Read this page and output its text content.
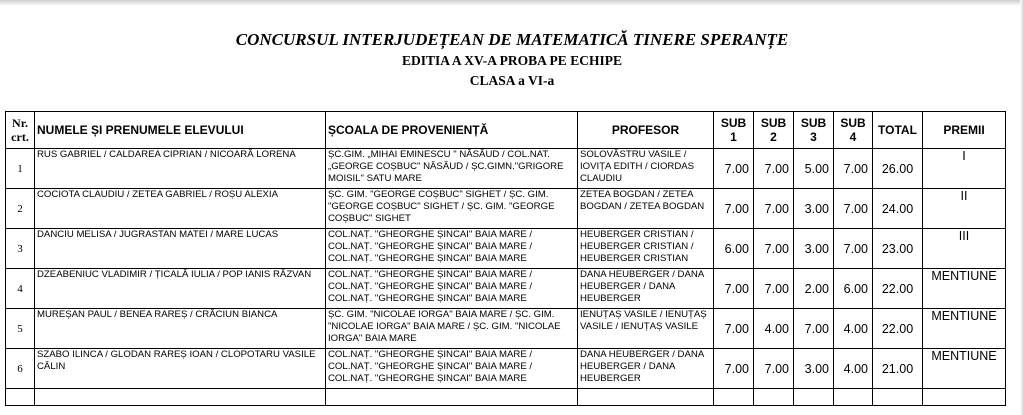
CONCURSUL INTERJUDEȚEAN DE MATEMATICĂ TINERE SPERANȚE
EDITIA A XV-A PROBA PE ECHIPE
CLASA a VI-a
Nr. crt.	NUMELE ȘI PRENUMELE ELEVULUI	ȘCOALA DE PROVENIENȚĂ	PROFESOR	SUB 1	SUB 2	SUB 3	SUB 4	TOTAL	PREMII
1	RUS GABRIEL / CALDAREA CIPRIAN / NICOARĂ LORENA	ȘC.GIM. „MIHAI EMINESCU " NĂSĂUD / COL.NAT.„GEORGE COȘBUC" NĂSĂUD / ȘC.GIMN."GRIGORE MOISIL" SATU MARE	SOLOVĂSTRU VASILE / IOVIȚA EDITH / CIORDAS CLAUDIU	7.00	7.00	5.00	7.00	26.00	I
2	COCIOTA CLAUDIU / ZETEA GABRIEL / ROȘU ALEXIA	ȘC. GIM. "GEORGE COȘBUC" SIGHET / ȘC. GIM. "GEORGE COȘBUC" SIGHET / ȘC. GIM. "GEORGE COȘBUC" SIGHET	ZETEA BOGDAN / ZETEA BOGDAN / ZETEA BOGDAN	7.00	7.00	3.00	7.00	24.00	II
3	DANCIU MELISA / JUGRASTAN MATEI / MARE LUCAS	COL.NAȚ. "GHEORGHE ȘINCAI" BAIA MARE / COL.NAȚ. "GHEORGHE ȘINCAI" BAIA MARE / COL.NAȚ. "GHEORGHE ȘINCAI" BAIA MARE	HEUBERGER CRISTIAN / HEUBERGER CRISTIAN / HEUBERGER CRISTIAN	6.00	7.00	3.00	7.00	23.00	III
4	DZEABENIUC VLADIMIR / ȚICALĂ IULIA / POP IANIS RĂZVAN	COL.NAȚ. "GHEORGHE ȘINCAI" BAIA MARE / COL.NAȚ. "GHEORGHE ȘINCAI" BAIA MARE / COL.NAȚ. "GHEORGHE ȘINCAI" BAIA MARE	DANA HEUBERGER / DANA HEUBERGER / DANA HEUBERGER	7.00	7.00	2.00	6.00	22.00	MENTIUNE
5	MUREȘAN PAUL / BENEA RAREȘ / CRĂCIUN BIANCA	ȘC. GIM. "NICOLAE IORGA" BAIA MARE / ȘC. GIM. "NICOLAE IORGA" BAIA MARE / ȘC. GIM. "NICOLAE IORGA" BAIA MARE	IENUȚAȘ VASILE / IENUȚAȘ VASILE / IENUȚAȘ VASILE	7.00	4.00	7.00	4.00	22.00	MENTIUNE
6	SZABO ILINCA / GLODAN RAREȘ IOAN / CLOPOTARU VASILE CĂLIN	COL.NAȚ. "GHEORGHE ȘINCAI" BAIA MARE / COL.NAȚ. "GHEORGHE ȘINCAI" BAIA MARE / COL.NAȚ. "GHEORGHE ȘINCAI" BAIA MARE	DANA HEUBERGER / DANA HEUBERGER / DANA HEUBERGER	7.00	7.00	3.00	4.00	21.00	MENTIUNE
